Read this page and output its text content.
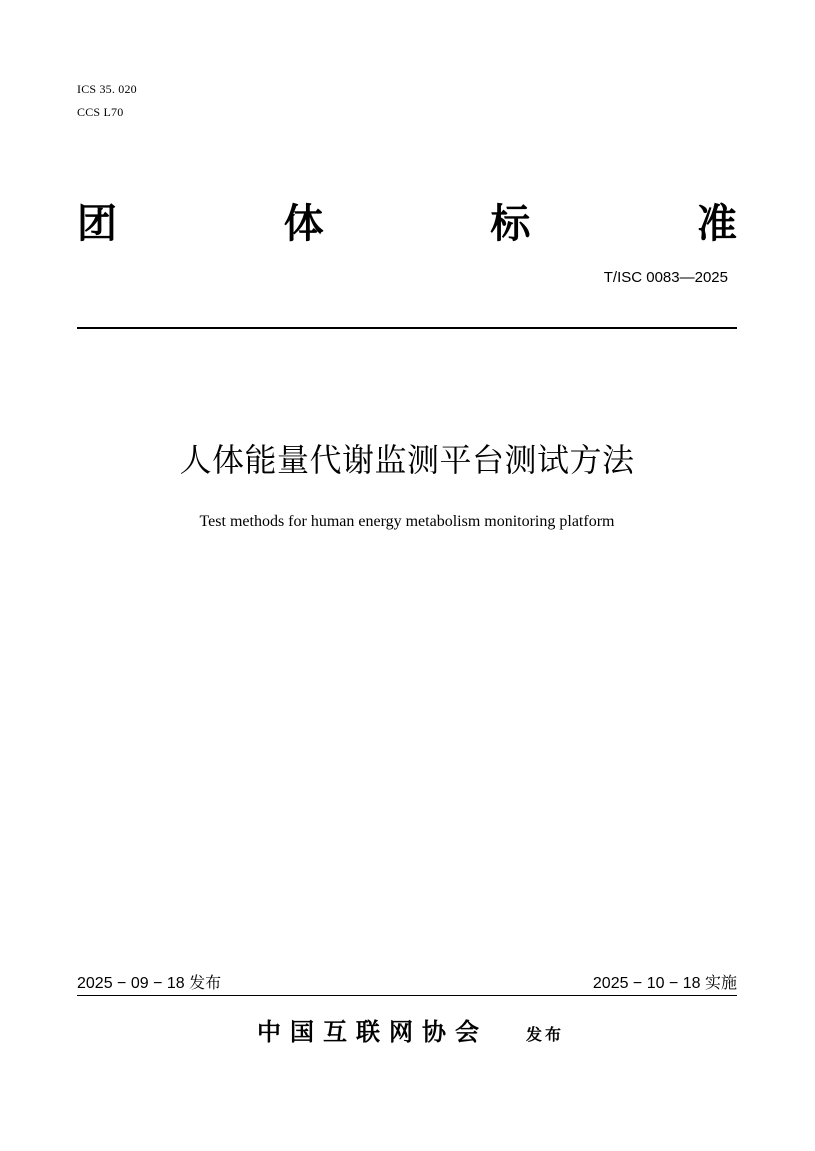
ICS 35. 020
CCS L70
团	体	标	准
T/ISC 0083—2025
人体能量代谢监测平台测试方法
Test methods for human energy metabolism monitoring platform
2025 − 09 − 18 发布	2025 − 10 − 18 实施
中国互联网协会 发布
